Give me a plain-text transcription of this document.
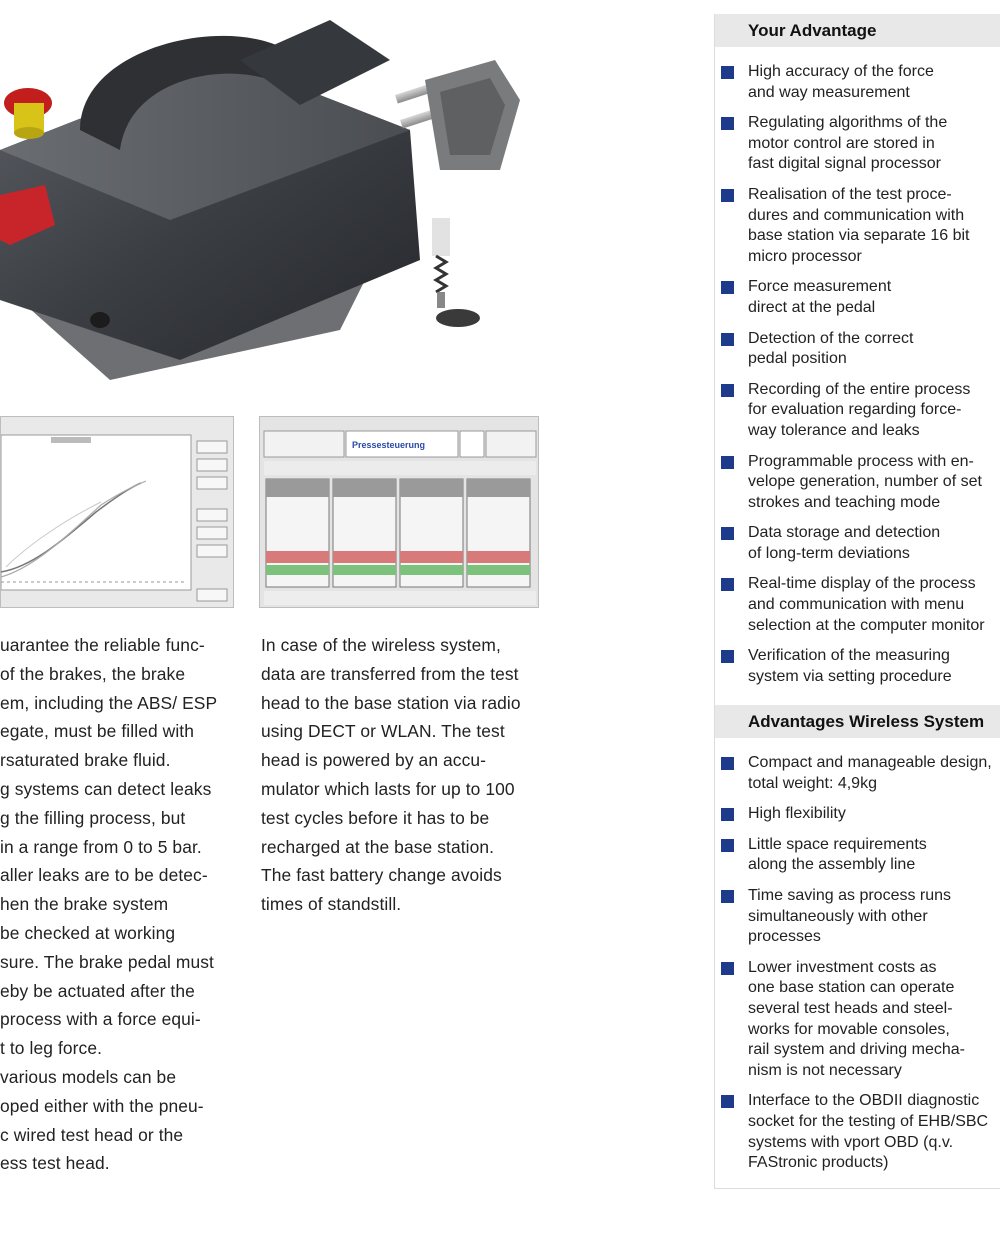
Pressesteuerung
uarantee the reliable func-
of the brakes, the brake
em, including the ABS/ ESP
egate, must be filled with
rsaturated brake fluid.
g systems can detect leaks
g the filling process, but
in a range from 0 to 5 bar.
aller leaks are to be detec-
hen the brake system
be checked at working
sure. The brake pedal must
eby be actuated after the
process with a force equi-
t to leg force.
various models can be
oped either with the pneu-
c wired test head or the
ess test head.
In case of the wireless system,
data are transferred from the test
head to the base station via radio
using DECT or WLAN. The test
head is powered by an accu-
mulator which lasts for up to 100
test cycles before it has to be
recharged at the base station.
The fast battery change avoids
times of standstill.
Your Advantage
High accuracy of the force
and way measurement
Regulating algorithms of the
motor control are stored in
fast digital signal processor
Realisation of the test proce-
dures and communication with
base station via separate 16 bit
micro processor
Force measurement
direct at the pedal
Detection of the correct
pedal position
Recording of the entire process
for evaluation regarding force-
way tolerance and leaks
Programmable process with en-
velope generation, number of set
strokes and teaching mode
Data storage and detection
of long-term deviations
Real-time display of the process
and communication with menu
selection at the computer monitor
Verification of the measuring
system via setting procedure
Advantages Wireless System
Compact and manageable design,
total weight: 4,9kg
High flexibility
Little space requirements
along the assembly line
Time saving as process runs
simultaneously with other
processes
Lower investment costs as
one base station can operate
several test heads and steel-
works for movable consoles,
rail system and driving mecha-
nism is not necessary
Interface to the OBDII diagnostic
socket for the testing of EHB/SBC
systems with vport OBD (q.v.
FAStronic products)
